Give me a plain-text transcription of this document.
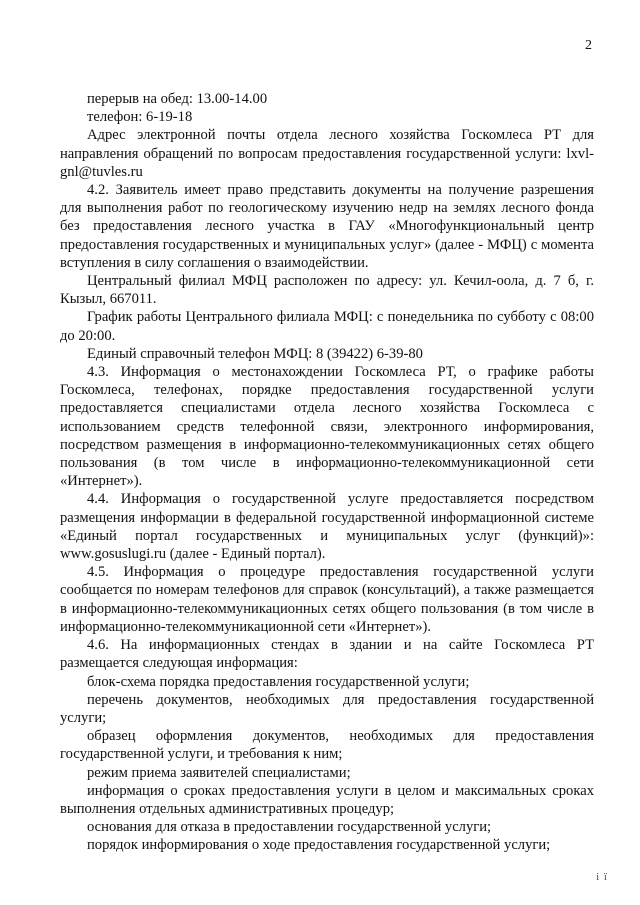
2

перерыв на обед: 13.00-14.00

телефон: 6-19-18

Адрес электронной почты отдела лесного хозяйства Госкомлеса РТ для направления обращений по вопросам предоставления государственной услуги: lxvl-gnl@tuvles.ru

4.2. Заявитель имеет право представить документы на получение разрешения для выполнения работ по геологическому изучению недр на землях лесного фонда без предоставления лесного участка в ГАУ «Многофункциональный центр предоставления государственных и муниципальных услуг» (далее - МФЦ) с момента вступления в силу соглашения о взаимодействии.

Центральный филиал МФЦ расположен по адресу: ул. Кечил-оола, д. 7 б, г. Кызыл, 667011.

График работы Центрального филиала МФЦ: с понедельника по субботу с 08:00 до 20:00.

Единый справочный телефон МФЦ: 8 (39422) 6-39-80

4.3. Информация о местонахождении Госкомлеса РТ, о графике работы Госкомлеса, телефонах, порядке предоставления государственной услуги предоставляется специалистами отдела лесного хозяйства Госкомлеса с использованием средств телефонной связи, электронного информирования, посредством размещения в информационно-телекоммуникационных сетях общего пользования (в том числе в информационно-телекоммуникационной сети «Интернет»).

4.4. Информация о государственной услуге предоставляется посредством размещения информации в федеральной государственной информационной системе «Единый портал государственных и муниципальных услуг (функций)»: www.gosuslugi.ru (далее - Единый портал).

4.5. Информация о процедуре предоставления государственной услуги сообщается по номерам телефонов для справок (консультаций), а также размещается в информационно-телекоммуникационных сетях общего пользования (в том числе в информационно-телекоммуникационной сети «Интернет»).

4.6. На информационных стендах в здании и на сайте Госкомлеса РТ размещается следующая информация:

блок-схема порядка предоставления государственной услуги;

перечень документов, необходимых для предоставления государственной услуги;

образец оформления документов, необходимых для предоставления государственной услуги, и требования к ним;

режим приема заявителей специалистами;

информация о сроках предоставления услуги в целом и максимальных сроках выполнения отдельных административных процедур;

основания для отказа в предоставлении государственной услуги;

порядок информирования о ходе предоставления государственной услуги;

і ї
